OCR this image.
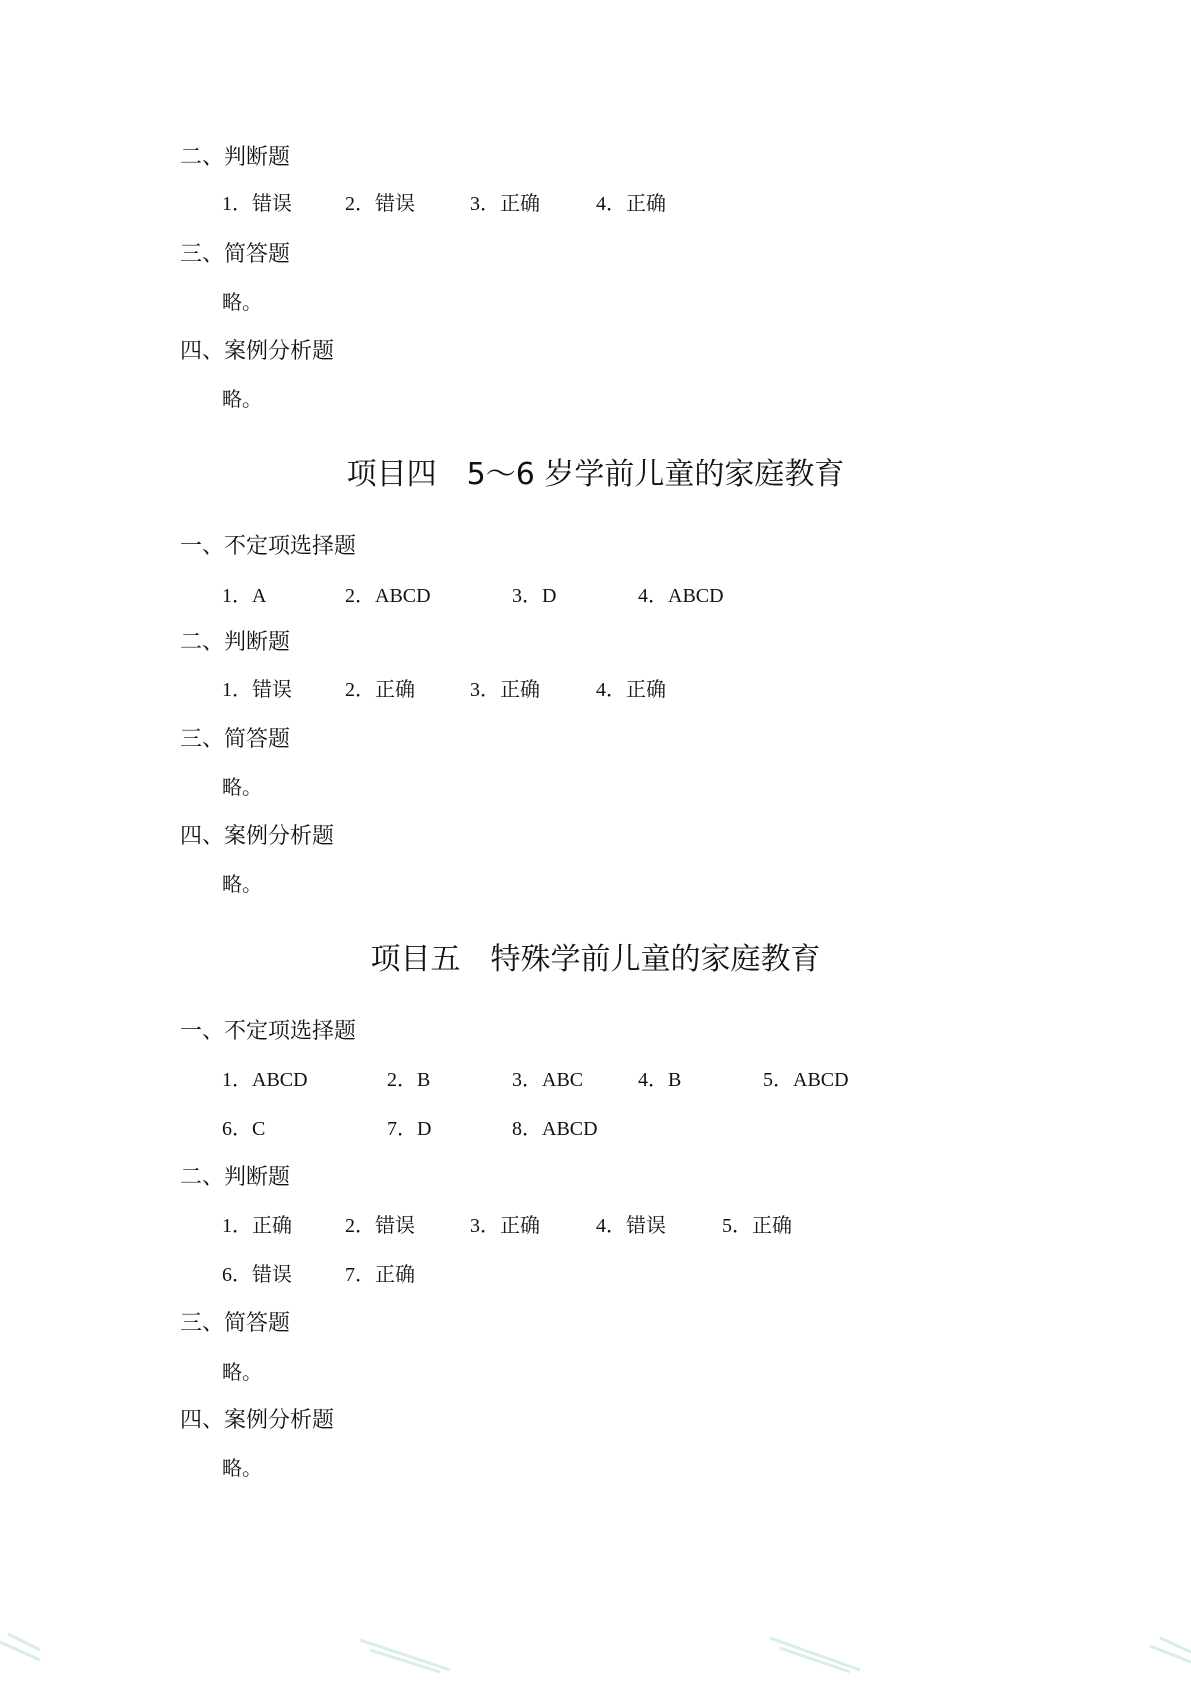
二、判断题
1．错误	2．错误	3．正确	4．正确
三、简答题
略。
四、案例分析题
略。
项目四　5～6 岁学前儿童的家庭教育
一、不定项选择题
1．A	2．ABCD	3．D	4．ABCD
二、判断题
1．错误	2．正确	3．正确	4．正确
三、简答题
略。
四、案例分析题
略。
项目五　特殊学前儿童的家庭教育
一、不定项选择题
1．ABCD	2．B	3．ABC	4．B	5．ABCD
6．C	7．D	8．ABCD
二、判断题
1．正确	2．错误	3．正确	4．错误	5．正确
6．错误	7．正确
三、简答题
略。
四、案例分析题
略。
